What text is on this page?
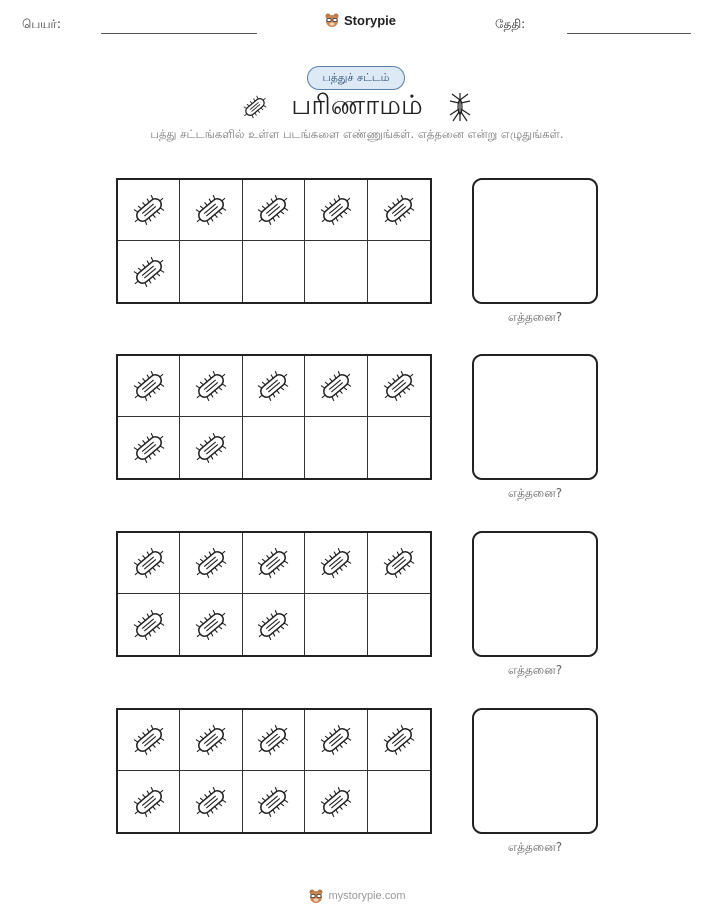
பெயர்:	Storypie	தேதி:
பத்துச் சட்டம்
பரிணாமம்
பத்து சட்டங்களில் உள்ள படங்களை எண்ணுங்கள். எத்தனை என்று எழுதுங்கள்.
எத்தனை?
எத்தனை?
எத்தனை?
எத்தனை?
mystorypie.com
